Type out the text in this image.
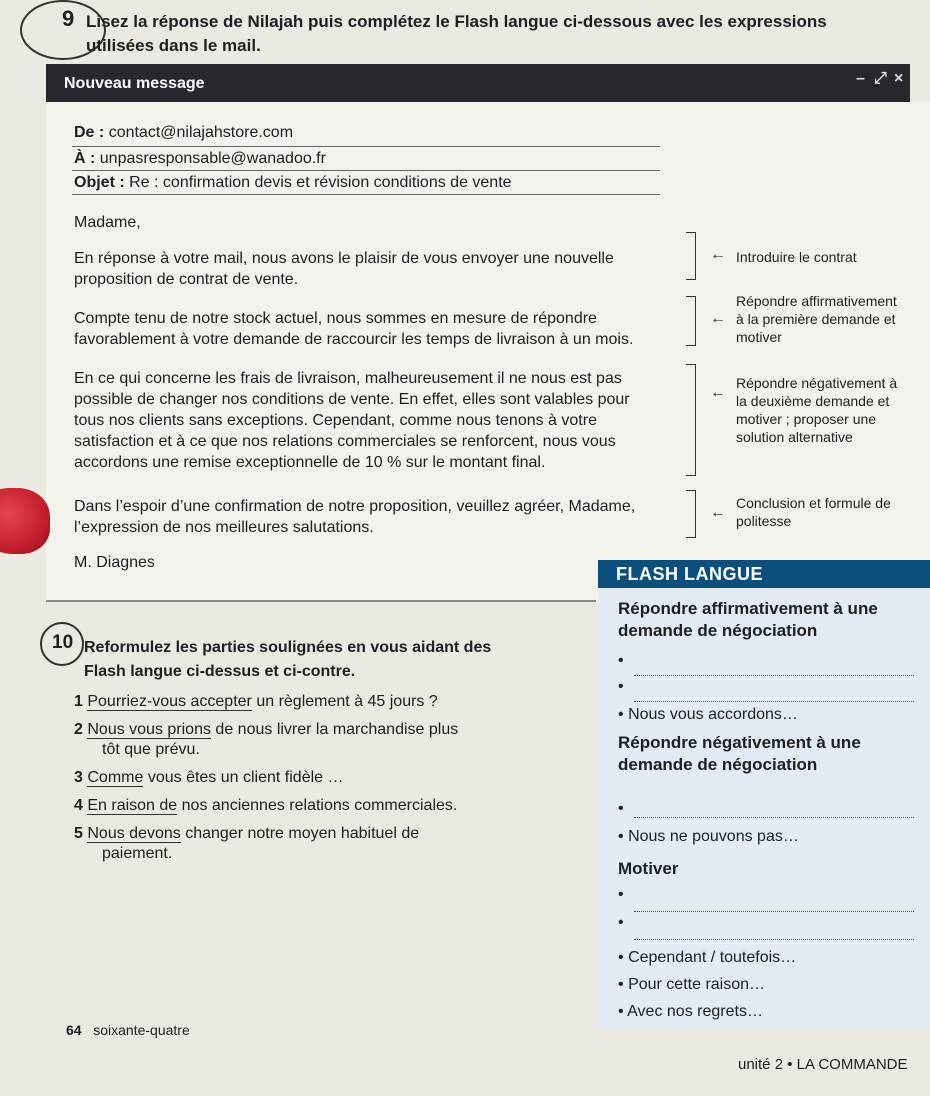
9 Lisez la réponse de Nilajah puis complétez le Flash langue ci-dessous avec les expressions
utilisées dans le mail.
Nouveau message	– ⤢ ×
De : contact@nilajahstore.com
À : unpasresponsable@wanadoo.fr
Objet : Re : confirmation devis et révision conditions de vente
Madame,
En réponse à votre mail, nous avons le plaisir de vous envoyer une nouvelle
proposition de contrat de vente.
Compte tenu de notre stock actuel, nous sommes en mesure de répondre
favorablement à votre demande de raccourcir les temps de livraison à un mois.
En ce qui concerne les frais de livraison, malheureusement il ne nous est pas
possible de changer nos conditions de vente. En effet, elles sont valables pour
tous nos clients sans exceptions. Cependant, comme nous tenons à votre
satisfaction et à ce que nos relations commerciales se renforcent, nous vous
accordons une remise exceptionnelle de 10 % sur le montant final.
Dans l’espoir d’une confirmation de notre proposition, veuillez agréer, Madame,
l’expression de nos meilleures salutations.
M. Diagnes
← Introduire le contrat
←
Répondre affirmativement
à la première demande et
motiver
←
Répondre négativement à
la deuxième demande et
motiver ; proposer une
solution alternative
←
Conclusion et formule de
politesse
10 Reformulez les parties soulignées en vous aidant des
Flash langue ci-dessus et ci-contre.
1 Pourriez-vous accepter un règlement à 45 jours ?
2 Nous vous prions de nous livrer la marchandise plus
tôt que prévu.
3 Comme vous êtes un client fidèle …
4 En raison de nos anciennes relations commerciales.
5 Nous devons changer notre moyen habituel de
paiement.
FLASH LANGUE
Répondre affirmativement à une
demande de négociation
•
•
• Nous vous accordons…
Répondre négativement à une
demande de négociation
•
• Nous ne pouvons pas…
Motiver
•
•
• Cependant / toutefois…
• Pour cette raison…
• Avec nos regrets…
64 soixante-quatre
unité 2 • LA COMMANDE
